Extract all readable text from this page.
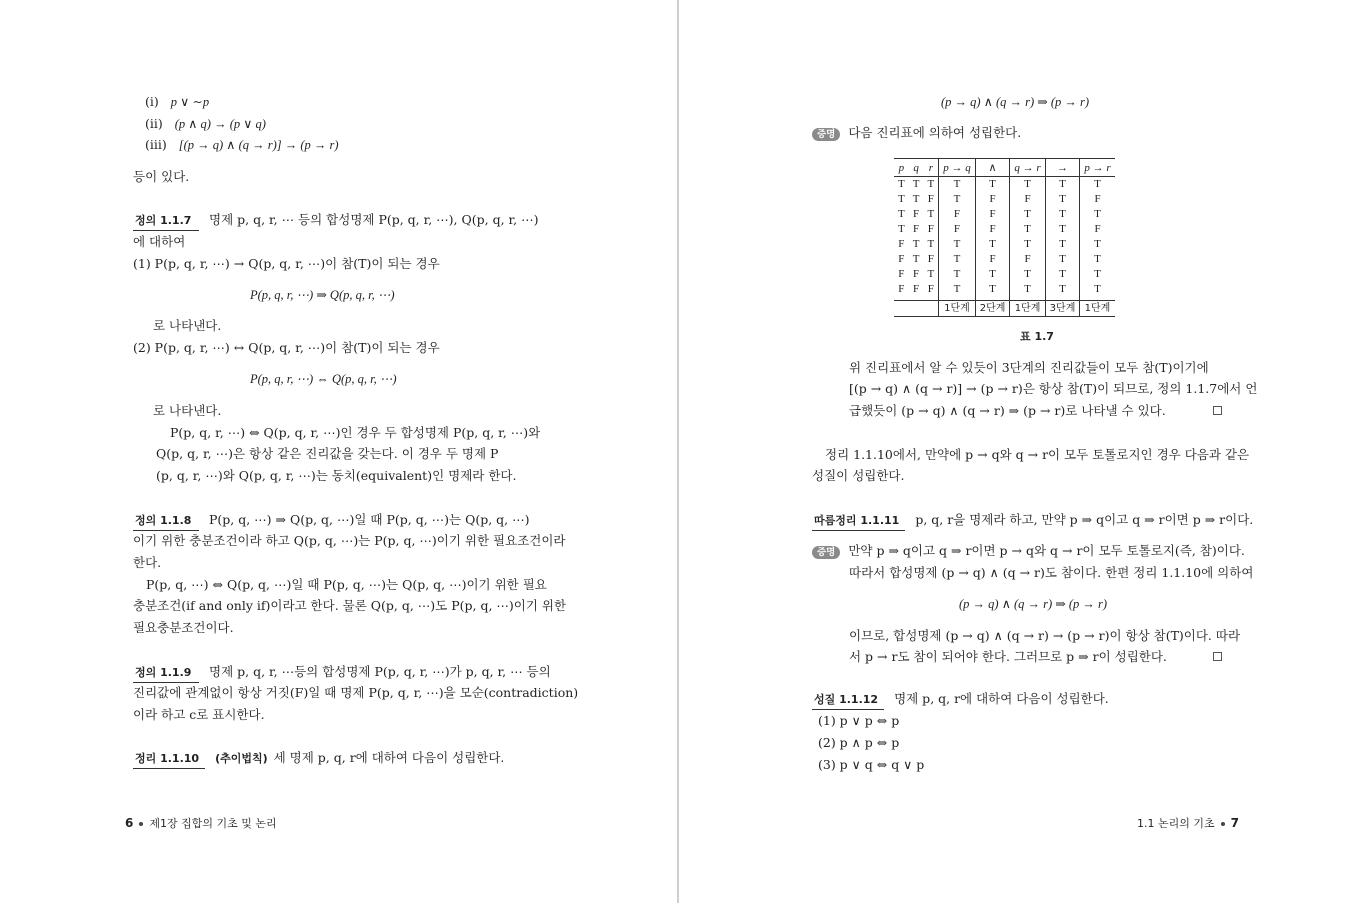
(i) p ∨ ∼p
(ii) (p ∧ q) → (p ∨ q)
(iii) [(p → q) ∧ (q → r)] → (p → r)
등이 있다.
정의 1.1.7 명제 p, q, r, ⋯ 등의 합성명제 P(p, q, r, ⋯), Q(p, q, r, ⋯)
에 대하여
(1) P(p, q, r, ⋯) → Q(p, q, r, ⋯)이 참(T)이 되는 경우
P(p, q, r, ⋯) ⇒ Q(p, q, r, ⋯)
로 나타낸다.
(2) P(p, q, r, ⋯) ↔ Q(p, q, r, ⋯)이 참(T)이 되는 경우
P(p, q, r, ⋯) ⇔ Q(p, q, r, ⋯)
로 나타낸다.
P(p, q, r, ⋯) ⇔ Q(p, q, r, ⋯)인 경우 두 합성명제 P(p, q, r, ⋯)와
Q(p, q, r, ⋯)은 항상 같은 진리값을 갖는다. 이 경우 두 명제 P
(p, q, r, ⋯)와 Q(p, q, r, ⋯)는 동치(equivalent)인 명제라 한다.
정의 1.1.8 P(p, q, ⋯) ⇒ Q(p, q, ⋯)일 때 P(p, q, ⋯)는 Q(p, q, ⋯)
이기 위한 충분조건이라 하고 Q(p, q, ⋯)는 P(p, q, ⋯)이기 위한 필요조건이라
한다.
P(p, q, ⋯) ⇔ Q(p, q, ⋯)일 때 P(p, q, ⋯)는 Q(p, q, ⋯)이기 위한 필요
충분조건(if and only if)이라고 한다. 물론 Q(p, q, ⋯)도 P(p, q, ⋯)이기 위한
필요충분조건이다.
정의 1.1.9 명제 p, q, r, ⋯등의 합성명제 P(p, q, r, ⋯)가 p, q, r, ⋯ 등의
진리값에 관계없이 항상 거짓(F)일 때 명제 P(p, q, r, ⋯)을 모순(contradiction)
이라 하고 c로 표시한다.
정리 1.1.10 (추이법칙) 세 명제 p, q, r에 대하여 다음이 성립한다.
6 제1장 집합의 기초 및 논리
(p → q) ∧ (q → r) ⇒ (p → r)
증명 다음 진리표에 의하여 성립한다.
p	q	r	p → q	∧	q → r	→	p → r
T	T	T	T	T	T	T	T
T	T	F	T	F	F	T	F
T	F	T	F	F	T	T	T
T	F	F	F	F	T	T	F
F	T	T	T	T	T	T	T
F	T	F	T	F	F	T	T
F	F	T	T	T	T	T	T
F	F	F	T	T	T	T	T
			1단계	2단계	1단계	3단계	1단계
표 1.7
위 진리표에서 알 수 있듯이 3단계의 진리값들이 모두 참(T)이기에
[(p → q) ∧ (q → r)] → (p → r)은 항상 참(T)이 되므로, 정의 1.1.7에서 언
급했듯이 (p → q) ∧ (q → r) ⇒ (p → r)로 나타낼 수 있다.
정리 1.1.10에서, 만약에 p → q와 q → r이 모두 토톨로지인 경우 다음과 같은
성질이 성립한다.
따름정리 1.1.11 p, q, r을 명제라 하고, 만약 p ⇒ q이고 q ⇒ r이면 p ⇒ r이다.
증명 만약 p ⇒ q이고 q ⇒ r이면 p → q와 q → r이 모두 토톨로지(즉, 참)이다.
따라서 합성명제 (p → q) ∧ (q → r)도 참이다. 한편 정리 1.1.10에 의하여
(p → q) ∧ (q → r) ⇒ (p → r)
이므로, 합성명제 (p → q) ∧ (q → r) → (p → r)이 항상 참(T)이다. 따라
서 p → r도 참이 되어야 한다. 그러므로 p ⇒ r이 성립한다.
성질 1.1.12 명제 p, q, r에 대하여 다음이 성립한다.
(1) p ∨ p ⇔ p
(2) p ∧ p ⇔ p
(3) p ∨ q ⇔ q ∨ p
1.1 논리의 기초 7
